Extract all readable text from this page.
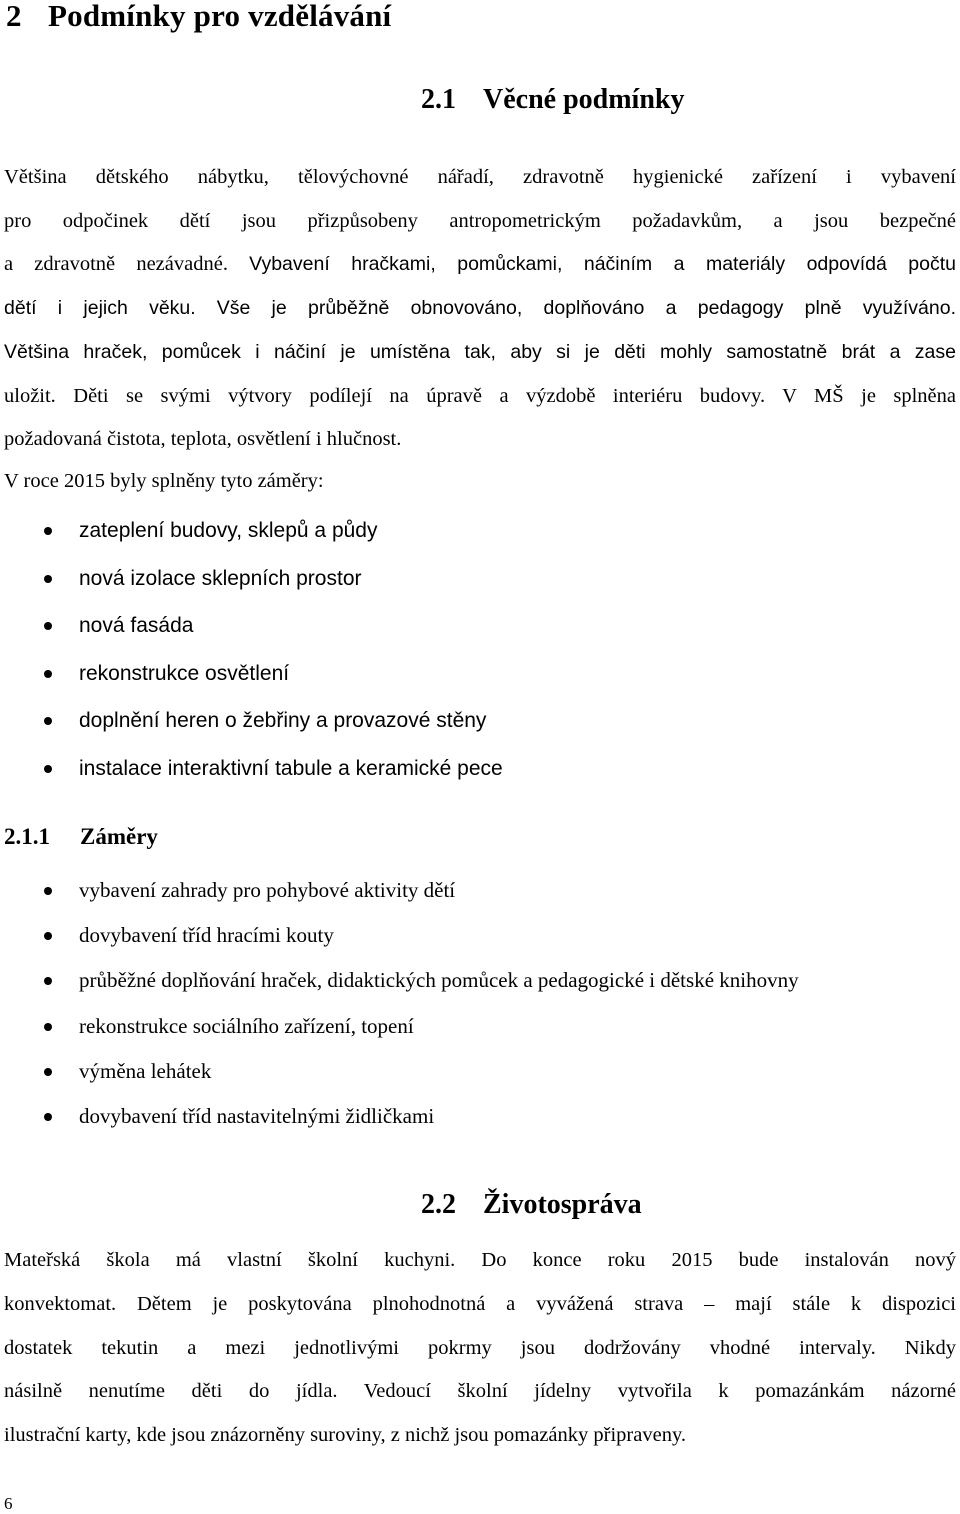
2 Podmínky pro vzdělávání
2.1 Věcné podmínky
Většina dětského nábytku, tělovýchovné nářadí, zdravotně hygienické zařízení i vybavení
pro odpočinek dětí jsou přizpůsobeny antropometrickým požadavkům, a jsou bezpečné
a zdravotně nezávadné. Vybavení hračkami, pomůckami, náčiním a materiály odpovídá počtu
dětí i jejich věku. Vše je průběžně obnovováno, doplňováno a pedagogy plně využíváno.
Většina hraček, pomůcek i náčiní je umístěna tak, aby si je děti mohly samostatně brát a zase
uložit. Děti se svými výtvory podílejí na úpravě a výzdobě interiéru budovy. V MŠ je splněna
požadovaná čistota, teplota, osvětlení i hlučnost.
V roce 2015 byly splněny tyto záměry:
zateplení budovy, sklepů a půdy
nová izolace sklepních prostor
nová fasáda
rekonstrukce osvětlení
doplnění heren o žebřiny a provazové stěny
instalace interaktivní tabule a keramické pece
2.1.1 Záměry
vybavení zahrady pro pohybové aktivity dětí
dovybavení tříd hracími kouty
průběžné doplňování hraček, didaktických pomůcek a pedagogické i dětské knihovny
rekonstrukce sociálního zařízení, topení
výměna lehátek
dovybavení tříd nastavitelnými židličkami
2.2 Životospráva
Mateřská škola má vlastní školní kuchyni. Do konce roku 2015 bude instalován nový
konvektomat. Dětem je poskytována plnohodnotná a vyvážená strava – mají stále k dispozici
dostatek tekutin a mezi jednotlivými pokrmy jsou dodržovány vhodné intervaly. Nikdy
násilně nenutíme děti do jídla. Vedoucí školní jídelny vytvořila k pomazánkám názorné
ilustrační karty, kde jsou znázorněny suroviny, z nichž jsou pomazánky připraveny.
6
